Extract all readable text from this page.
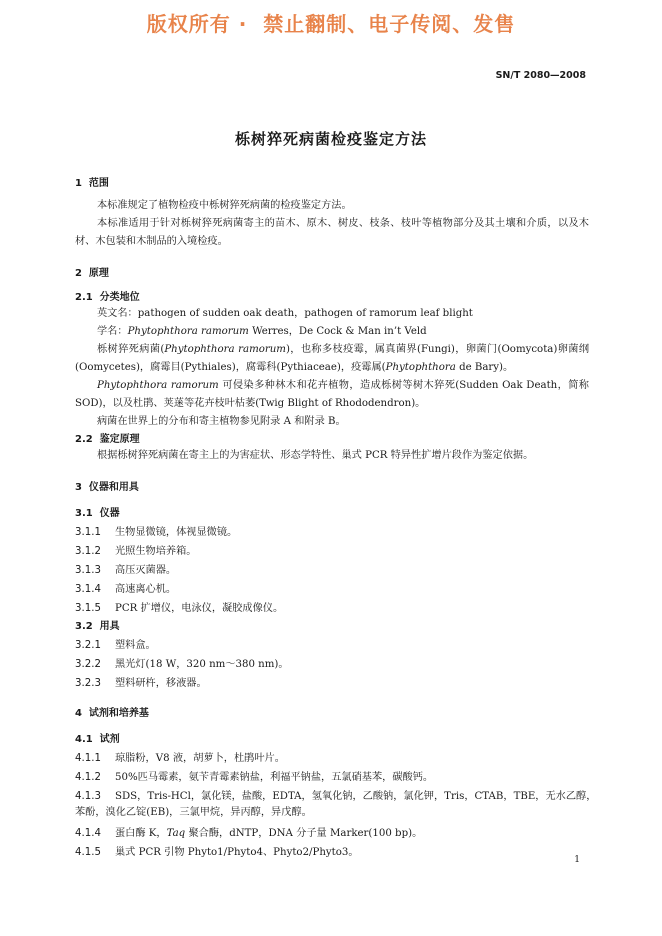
版权所有 ·  禁止翻制、电子传阅、发售
SN/T 2080—2008
栎树猝死病菌检疫鉴定方法
1  范围
本标准规定了植物检疫中栎树猝死病菌的检疫鉴定方法。
本标准适用于针对栎树猝死病菌寄主的苗木、原木、树皮、枝条、枝叶等植物部分及其土壤和介质，以及木材、木包装和木制品的入境检疫。
2  原理
2.1  分类地位
英文名：pathogen of sudden oak death，pathogen of ramorum leaf blight
学名：Phytophthora ramorum Werres，De Cock & Man in’t Veld
栎树猝死病菌(Phytophthora ramorum)，也称多枝疫霉，属真菌界(Fungi)，卵菌门(Oomycota)卵菌纲(Oomycetes)，腐霉目(Pythiales)，腐霉科(Pythiaceae)，疫霉属(Phytophthora de Bary)。
Phytophthora ramorum 可侵染多种林木和花卉植物，造成栎树等树木猝死(Sudden Oak Death，简称 SOD)，以及杜鹃、荚蒾等花卉枝叶枯萎(Twig Blight of Rhododendron)。
病菌在世界上的分布和寄主植物参见附录 A 和附录 B。
2.2  鉴定原理
根据栎树猝死病菌在寄主上的为害症状、形态学特性、巢式 PCR 特异性扩增片段作为鉴定依据。
3  仪器和用具
3.1  仪器
3.1.1 生物显微镜，体视显微镜。
3.1.2 光照生物培养箱。
3.1.3 高压灭菌器。
3.1.4 高速离心机。
3.1.5 PCR 扩增仪，电泳仪，凝胶成像仪。
3.2  用具
3.2.1 塑料盒。
3.2.2 黑光灯(18 W，320 nm～380 nm)。
3.2.3 塑料研杵，移液器。
4  试剂和培养基
4.1  试剂
4.1.1 琼脂粉，V8 液，胡萝卜，杜鹃叶片。
4.1.2 50%匹马霉素，氨苄青霉素钠盐，利福平钠盐，五氯硝基苯，碳酸钙。
4.1.3 SDS，Tris-HCl，氯化镁，盐酸，EDTA，氢氧化钠，乙酸钠，氯化钾，Tris，CTAB，TBE，无水乙醇，
苯酚，溴化乙锭(EB)，三氯甲烷，异丙醇，异戊醇。
4.1.4 蛋白酶 K，Taq 聚合酶，dNTP，DNA 分子量 Marker(100 bp)。
4.1.5 巢式 PCR 引物 Phyto1/Phyto4、Phyto2/Phyto3。
1
